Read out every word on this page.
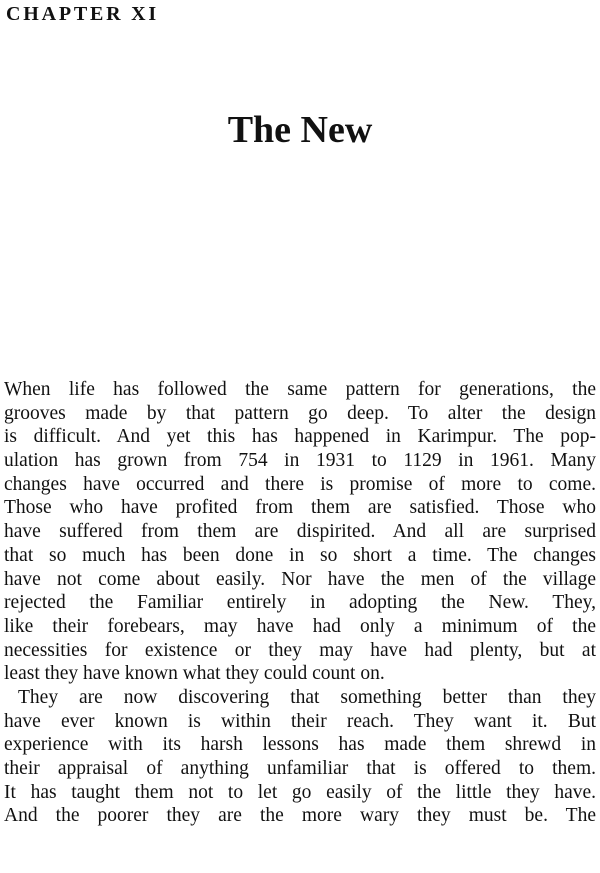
CHAPTER XI
The New

When life has followed the same pattern for generations, the
grooves made by that pattern go deep. To alter the design
is difficult. And yet this has happened in Karimpur. The pop-
ulation has grown from 754 in 1931 to 1129 in 1961. Many
changes have occurred and there is promise of more to come.
Those who have profited from them are satisfied. Those who
have suffered from them are dispirited. And all are surprised
that so much has been done in so short a time. The changes
have not come about easily. Nor have the men of the village
rejected the Familiar entirely in adopting the New. They,
like their forebears, may have had only a minimum of the
necessities for existence or they may have had plenty, but at
least they have known what they could count on.

They are now discovering that something better than they
have ever known is within their reach. They want it. But
experience with its harsh lessons has made them shrewd in
their appraisal of anything unfamiliar that is offered to them.
It has taught them not to let go easily of the little they have.
And the poorer they are the more wary they must be. The
